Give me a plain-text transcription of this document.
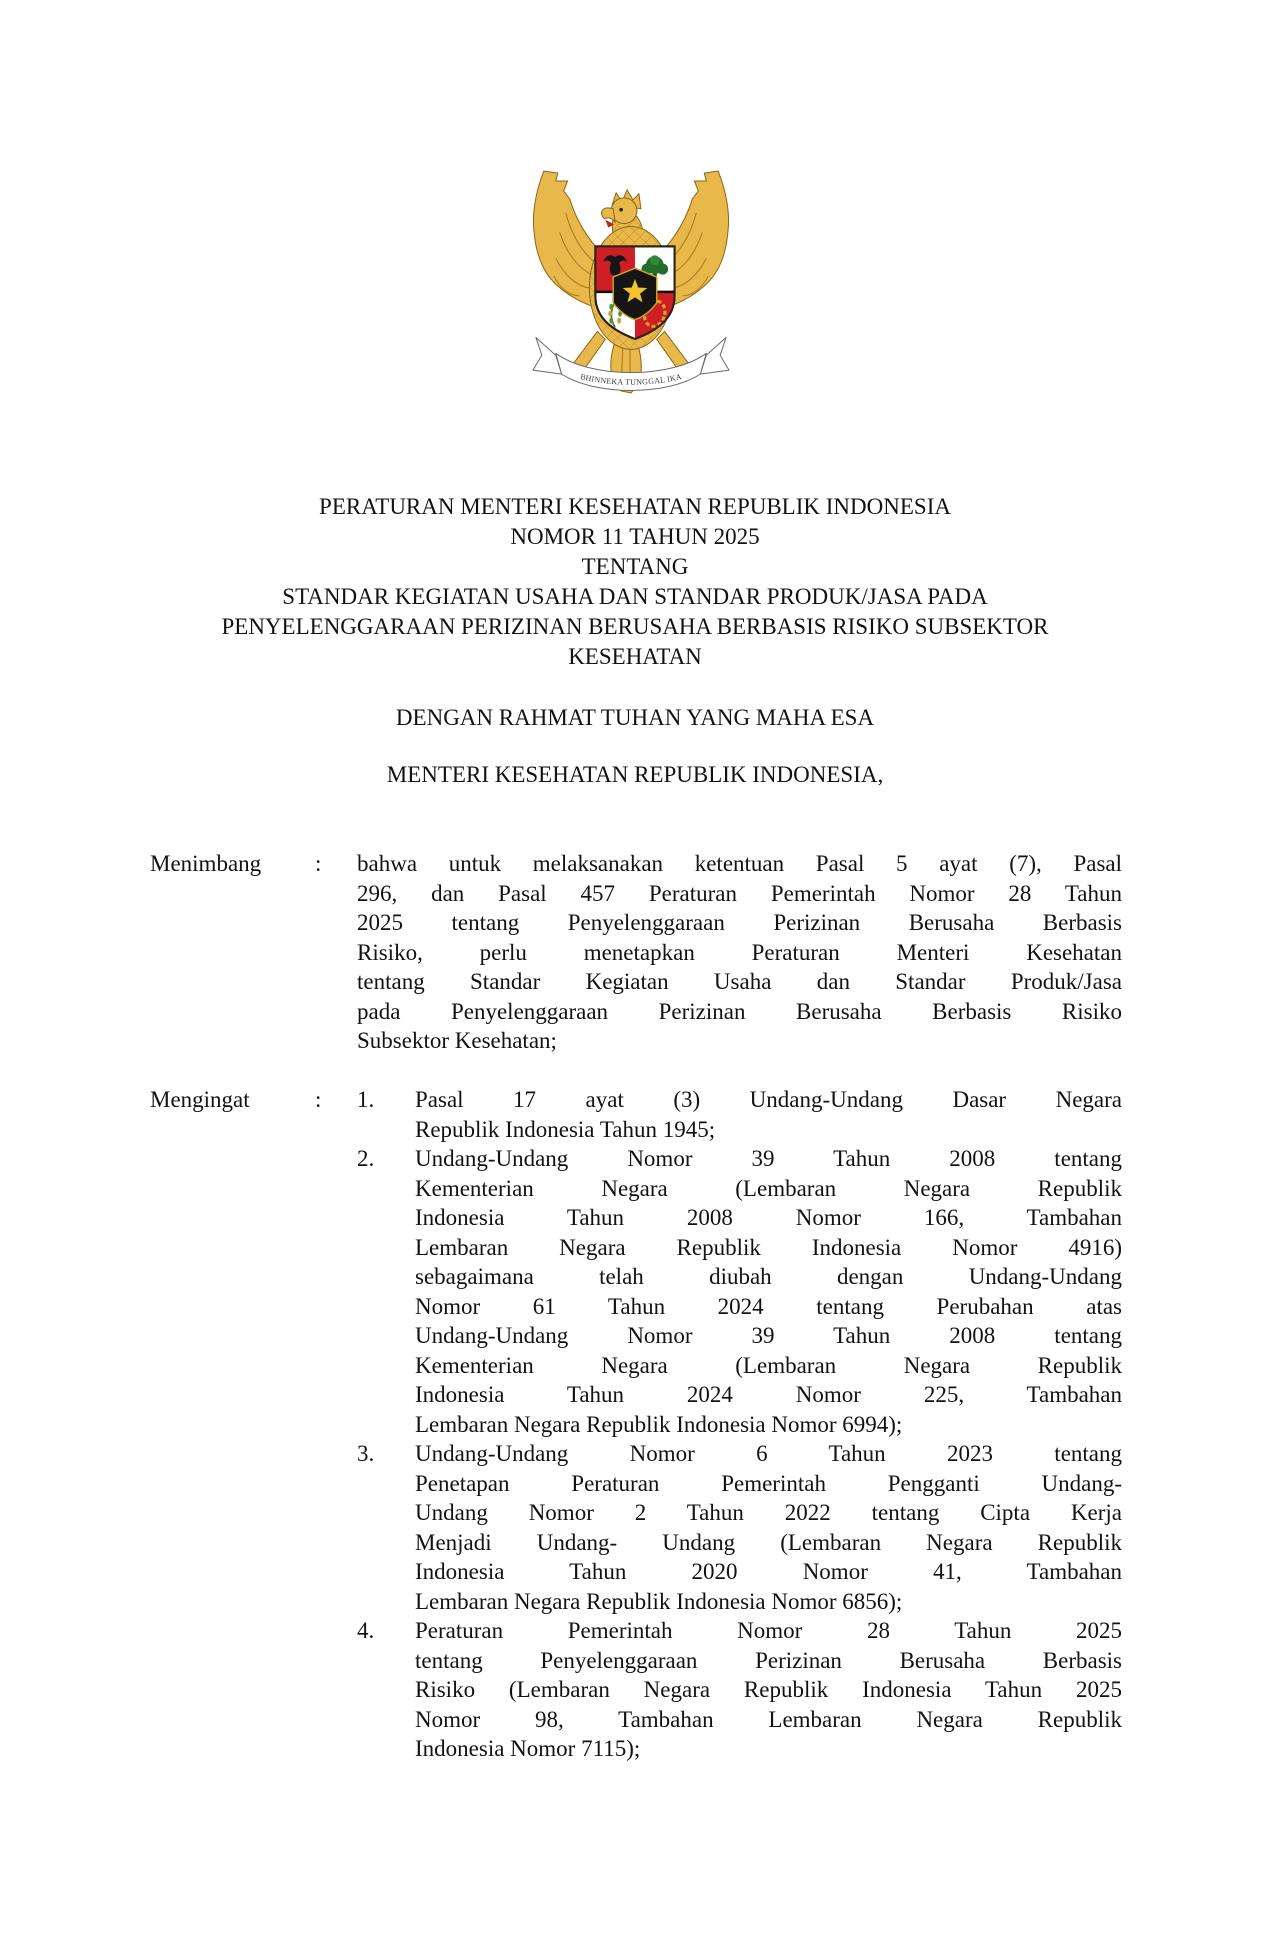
BHINNEKA TUNGGAL IKA
PERATURAN MENTERI KESEHATAN REPUBLIK INDONESIA
NOMOR 11 TAHUN 2025
TENTANG
STANDAR KEGIATAN USAHA DAN STANDAR PRODUK/JASA PADA
PENYELENGGARAAN PERIZINAN BERUSAHA BERBASIS RISIKO SUBSEKTOR
KESEHATAN
DENGAN RAHMAT TUHAN YANG MAHA ESA
MENTERI KESEHATAN REPUBLIK INDONESIA,
Menimbang	:	bahwa untuk melaksanakan ketentuan Pasal 5 ayat (7), Pasal
296, dan Pasal 457 Peraturan Pemerintah Nomor 28 Tahun
2025 tentang Penyelenggaraan Perizinan Berusaha Berbasis
Risiko, perlu menetapkan Peraturan Menteri Kesehatan
tentang Standar Kegiatan Usaha dan Standar Produk/Jasa
pada Penyelenggaraan Perizinan Berusaha Berbasis Risiko
Subsektor Kesehatan;
Mengingat	:	1.	Pasal 17 ayat (3) Undang-Undang Dasar Negara
Republik Indonesia Tahun 1945;
2.	Undang-Undang Nomor 39 Tahun 2008 tentang
Kementerian Negara (Lembaran Negara Republik
Indonesia Tahun 2008 Nomor 166, Tambahan
Lembaran Negara Republik Indonesia Nomor 4916)
sebagaimana telah diubah dengan Undang-Undang
Nomor 61 Tahun 2024 tentang Perubahan atas
Undang-Undang Nomor 39 Tahun 2008 tentang
Kementerian Negara (Lembaran Negara Republik
Indonesia Tahun 2024 Nomor 225, Tambahan
Lembaran Negara Republik Indonesia Nomor 6994);
3.	Undang-Undang Nomor 6 Tahun 2023 tentang
Penetapan Peraturan Pemerintah Pengganti Undang-
Undang Nomor 2 Tahun 2022 tentang Cipta Kerja
Menjadi Undang- Undang (Lembaran Negara Republik
Indonesia Tahun 2020 Nomor 41, Tambahan
Lembaran Negara Republik Indonesia Nomor 6856);
4.	Peraturan Pemerintah Nomor 28 Tahun 2025
tentang Penyelenggaraan Perizinan Berusaha Berbasis
Risiko (Lembaran Negara Republik Indonesia Tahun 2025
Nomor 98, Tambahan Lembaran Negara Republik
Indonesia Nomor 7115);
